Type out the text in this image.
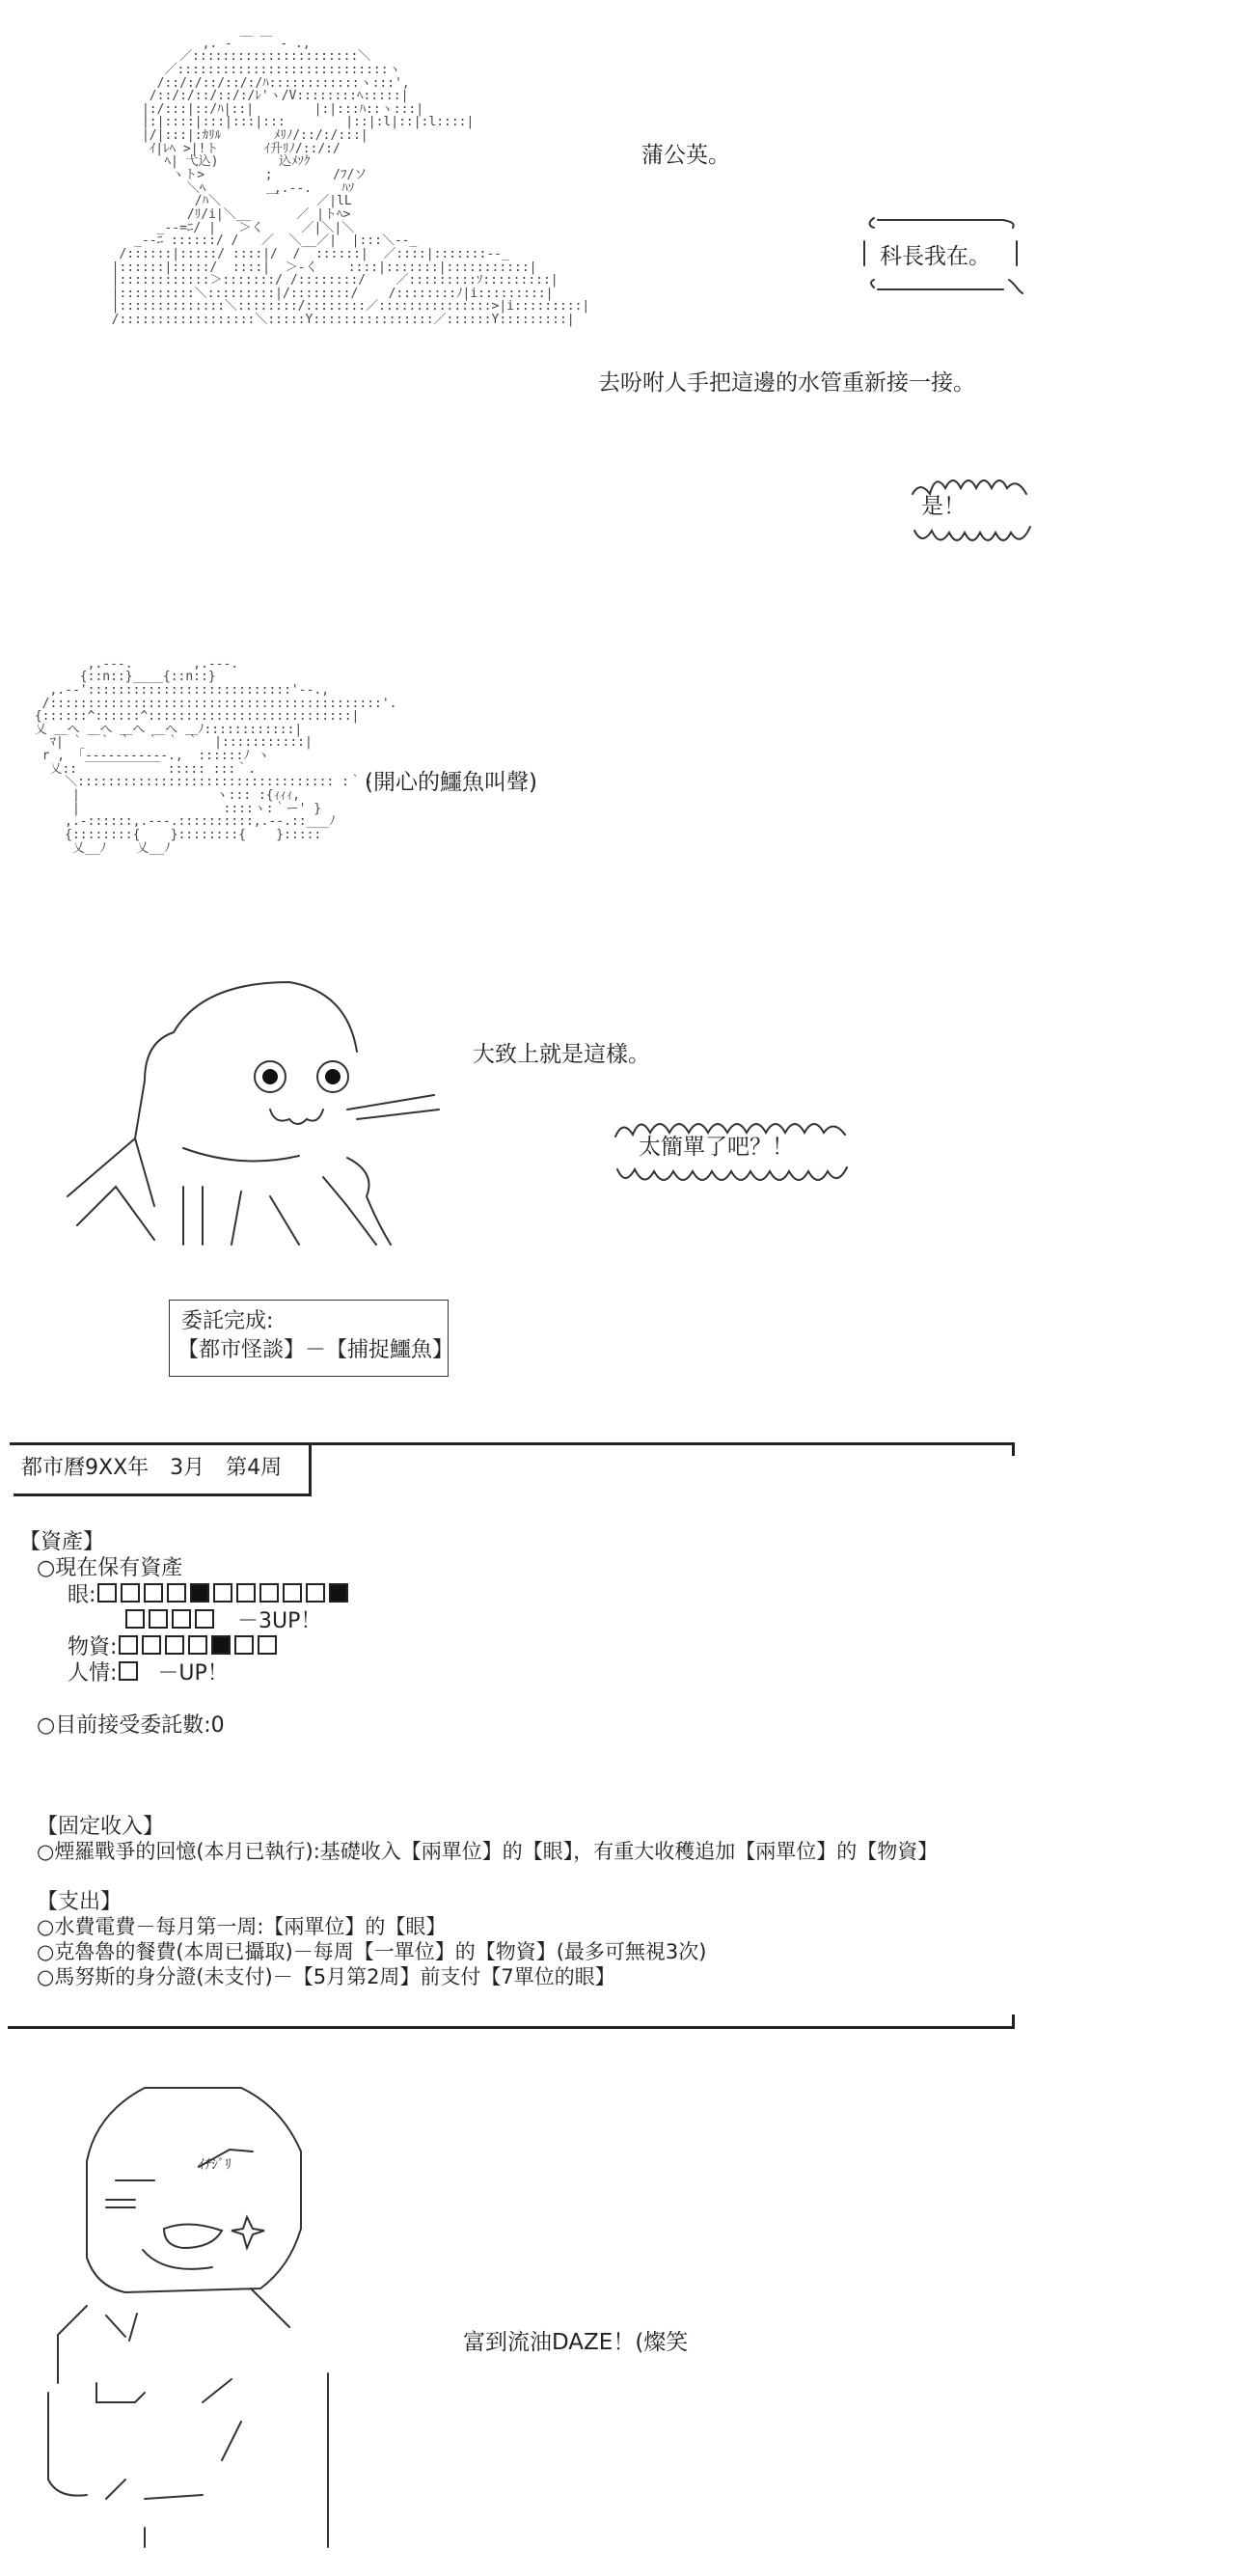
,. ‐ ￣ ￣ ‐ .,
／::::::::::::::::::::::＼
／::::::::::::::::::::::::::::ヽ
/::/:/::/::/:/ﾊ::::::::::::ヽ:::',
/::/:/::/::/:/ﾚ'ヽ/V::::::::ﾍ:::::|
|:/:::|::/ﾊ|::|        |:|:::ﾊ::ヽ:::|
|:|::::|:::|:::|:::        |::|:l|::|:l::::|
|/|:::|:ｶﾘﾙ       ﾒﾘﾉ/::/:/:::|
ｲ|ﾚﾍ >|!ト      ｲ升ﾘﾉ/::/:/
ﾍ| 弋込)        込ﾒｿｸ
ヽト>        ;        /ﾌ/ソ
＼ﾍ         ,.-‐.    ﾊｿ
/ﾊ＼      ￣     ／|lL
/ﾘ/i|＼__      ／ |トﾍ>
_-‐=ﾆ/ |   ＞く     ／|＼|＼
_-‐ﾆ ::::::/ /   ／  ＼__／|  |:::＼‐-_
/::::::|:::::/ ::::|/  /  ::::::|  ／::::|:::::::‐-_
|::::::|:::::/  ::::|  ＞-く    ::::|:::::::|:::::::::::|
|::::::::::::＞:::::::/ /::::::::/    ／:::::::::ｿ:::::::::|
|::::::::::＼:::::::::|/::::::::/    /::::::::ﾉ|i:::::::::|
|::::::::::::::＼::::::::/::::::::／:::::::::::::::>|i:::::::::|
/::::::::::::::::::＼:::::Y::::::::::::::::／::::::Y:::::::::|

蒲公英。
科長我在。
去吩咐人手把這邊的水管重新接一接。
是！

,.-‐-.        ,.-‐-.
{::n::}____{::n::}
,.-‐':::::::::::::::::::::::::::'‐-.,
/::::::::::::::::::::::::::::::::::::::::::::'.
{::::::^::::::^:::::::::::::::::::::::::::|
乂 ＿へ ＿へ ＿へ ＿へ ＿ﾉ::::::::::::|
ﾏ| ｀  ｀ ｀  ｀ ｀ ｀  |:::::::::::|
r , 「‐‐‐‐‐‐‐‐‐‐-.,  ::::::ﾉ ヽ
乂:: ￣￣￣￣￣￣ ::::: :::｀.
＼:::::::::::::::::::::::::::::::::: :｀ヽ
|                  ヽ::: :{ｨｨｨ,
|                   ::::ヽ:｀ー' }
,.‐::::::,.-‐-.::::::::::,.--.::___ﾉ
{::::::::{    }::::::::{    }:::::
乂__ﾉ    乂__ﾉ

(開心的鱷魚叫聲)
大致上就是這樣。
太簡單了吧？！
委託完成:
【都市怪談】－【捕捉鱷魚】
都市曆9XX年　3月　第4周
【資產】
○現在保有資產
眼:
－3UP！
物資:
人情: －UP！
○目前接受委託數:0
【固定收入】
○煙羅戰爭的回憶(本月已執行):基礎收入【兩單位】的【眼】，有重大收穫追加【兩單位】的【物資】
【支出】
○水費電費－每月第一周:【兩單位】的【眼】
○克魯魯的餐費(本周已攝取)－每周【一單位】的【物資】(最多可無視3次)
○馬努斯的身分證(未支付)－【5月第2周】前支付【7單位的眼】
ｲﾁｼﾞﾘ
富到流油DAZE！(燦笑
